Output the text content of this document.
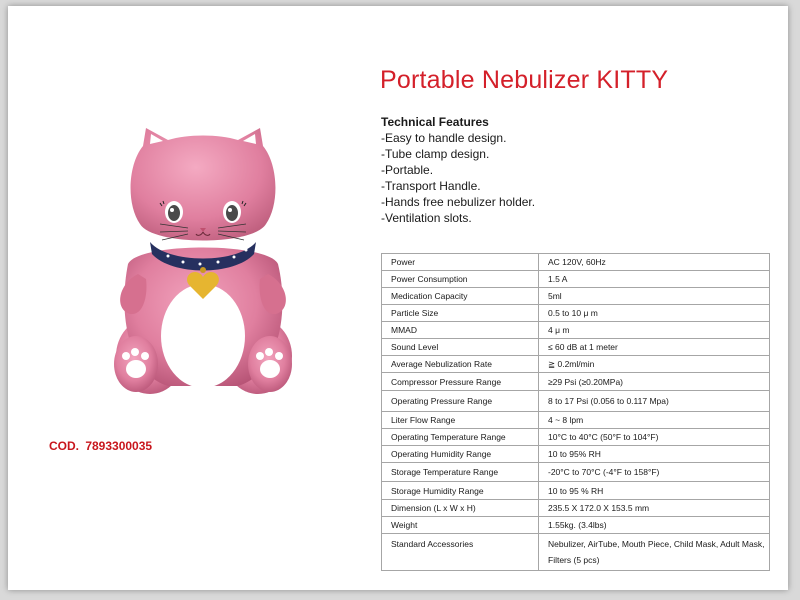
Portable Nebulizer KITTY
Technical Features
-Easy to handle design.
-Tube clamp design.
-Portable.
-Transport Handle.
-Hands free nebulizer holder.
-Ventilation slots.
COD. 7893300035
Power	AC 120V, 60Hz
Power Consumption	1.5 A
Medication Capacity	5ml
Particle Size	0.5 to 10 μ m
MMAD	4 μ m
Sound Level	≤ 60 dB at 1 meter
Average Nebulization Rate	≧ 0.2ml/min
Compressor Pressure Range	≥29 Psi (≥0.20MPa)
Operating Pressure Range	8 to 17 Psi (0.056 to 0.117 Mpa)
Liter Flow Range	4 ~ 8 lpm
Operating Temperature Range	10°C to 40°C (50°F to 104°F)
Operating Humidity Range	10 to 95% RH
Storage Temperature Range	-20°C to 70°C (-4°F to 158°F)
Storage Humidity Range	10 to 95 % RH
Dimension (L x W x H)	235.5 X 172.0 X 153.5 mm
Weight	1.55kg. (3.4lbs)
Standard Accessories	Nebulizer, AirTube, Mouth Piece, Child Mask, Adult Mask, Filters (5 pcs)
